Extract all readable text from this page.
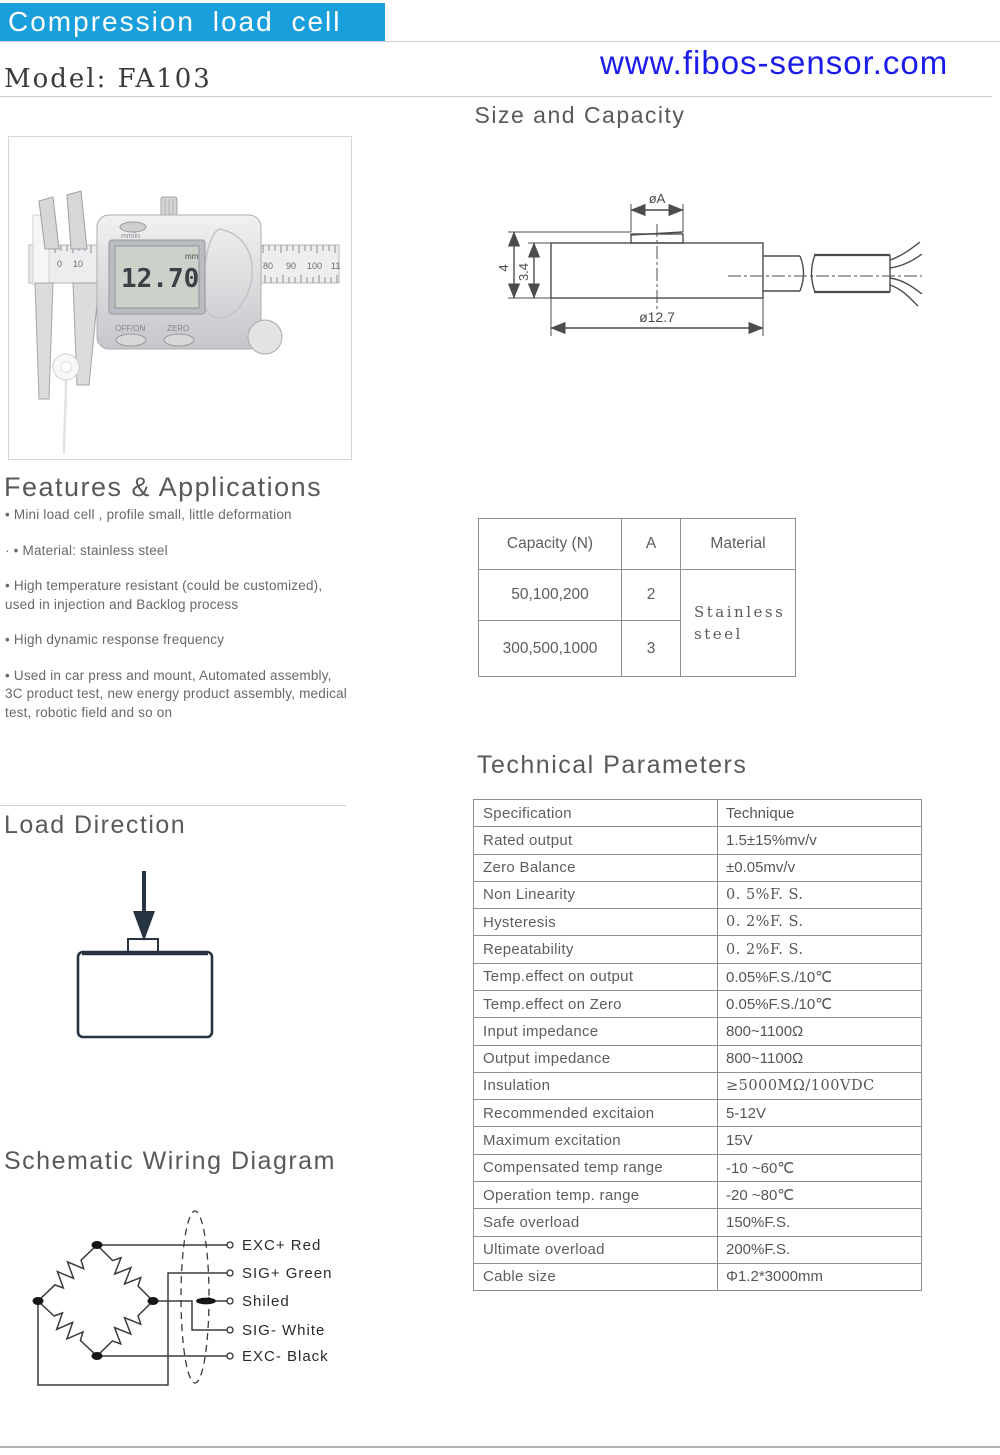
Compression load cell
www.fibos-sensor.com
Model: FA103
Size and Capacity
0 10	80 90 100 11
mm/in
12.70
mm
OFF/ON	ZERO
øA
4 3.4
ø12.7
Features & Applications
• Mini load cell , profile small, little deformation
· • Material: stainless steel
• High temperature resistant (could be customized), used in injection and Backlog process
• High dynamic response frequency
• Used in car press and mount, Automated assembly, 3C product test, new energy product assembly, medical test, robotic field and so on
Capacity (N)	A	Material
50,100,200	2
Stainless steel
300,500,1000	3
Load Direction
Technical Parameters
Specification	Technique
Rated output	1.5±15%mv/v
Zero Balance	±0.05mv/v
Non Linearity	0. 5%F. S.
Hysteresis	0. 2%F. S.
Repeatability	0. 2%F. S.
Temp.effect on output	0.05%F.S./10℃
Temp.effect on Zero	0.05%F.S./10℃
Input impedance	800~1100Ω
Output impedance	800~1100Ω
Insulation	≥5000MΩ/100VDC
Recommended excitaion	5-12V
Maximum excitation	15V
Compensated temp range	-10 ~60℃
Operation temp. range	-20 ~80℃
Safe overload	150%F.S.
Ultimate overload	200%F.S.
Cable size	Φ1.2*3000mm
Schematic Wiring Diagram
EXC+ Red
SIG+ Green
Shiled
SIG- White
EXC- Black
